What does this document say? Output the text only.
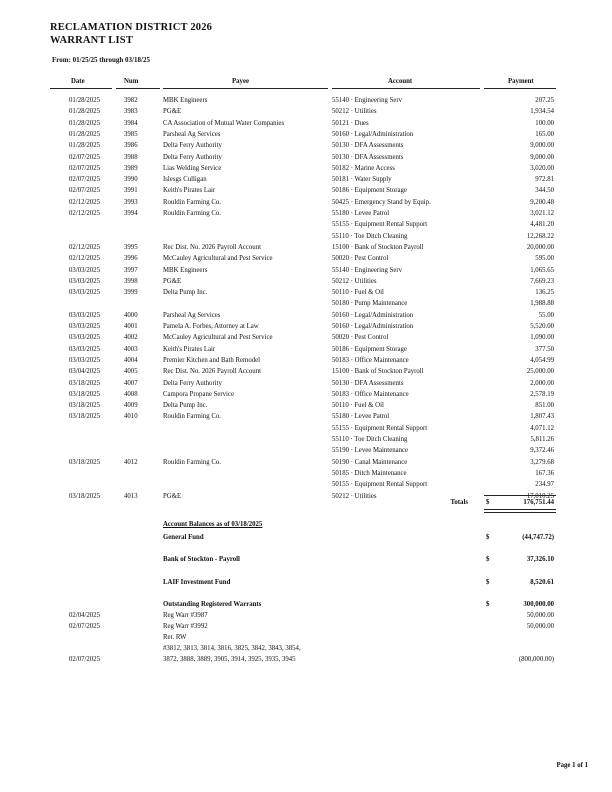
RECLAMATION DISTRICT 2026
WARRANT LIST
From: 01/25/25 through 03/18/25
Date	Num	Payee	Account	Payment
01/28/2025	3982	MBK Engineers	55140 · Engineering Serv	207.25
01/28/2025	3983	PG&E	50212 · Utilities	1,934.54
01/28/2025	3984	CA Association of Mutual Water Companies	50121 · Dues	100.00
01/28/2025	3985	Parsheal Ag Services	50160 · Legal/Administration	165.00
01/28/2025	3986	Delta Ferry Authority	50130 · DFA Assessments	9,000.00
02/07/2025	3988	Delta Ferry Authority	50130 · DFA Assessments	9,000.00
02/07/2025	3989	Lias Welding Service	50182 · Marine Access	3,020.00
02/07/2025	3990	Islesgs Culligan	50181 · Water Supply	972.81
02/07/2025	3991	Keith's Pirates Lair	50186 · Equipment Storage	344.50
02/12/2025	3993	Rouldin Farming Co.	50425 · Emergency Stand by Equip.	9,200.48
02/12/2025	3994	Rouldin Farming Co.	55180 · Levee Patrol	3,021.12
55155 · Equipment Rental Support	4,481.20
55110 · Toe Ditch Cleaning	12,268.22
02/12/2025	3995	Rec Dist. No. 2026 Payroll Account	15100 · Bank of Stockton Payroll	20,000.00
02/12/2025	3996	McCauley Agricultural and Pest Service	50020 · Pest Control	595.00
03/03/2025	3997	MBK Engineers	55140 · Engineering Serv	1,065.65
03/03/2025	3998	PG&E	50212 · Utilities	7,669.23
03/03/2025	3999	Delta Pump Inc.	50110 · Fuel & Oil	136.25
50180 · Pump Maintenance	1,988.88
03/03/2025	4000	Parsheal Ag Services	50160 · Legal/Administration	55.00
03/03/2025	4001	Pamela A. Forbes, Attorney at Law	50160 · Legal/Administration	5,520.00
03/03/2025	4002	McCauley Agricultural and Pest Service	50020 · Pest Control	1,090.00
03/03/2025	4003	Keith's Pirates Lair	50186 · Equipment Storage	377.50
03/03/2025	4004	Premier Kitchen and Bath Remodel	50183 · Office Maintenance	4,054.99
03/04/2025	4005	Rec Dist. No. 2026 Payroll Account	15100 · Bank of Stockton Payroll	25,000.00
03/18/2025	4007	Delta Ferry Authority	50130 · DFA Assessments	2,000.00
03/18/2025	4008	Campora Propane Service	50183 · Office Maintenance	2,578.19
03/18/2025	4009	Delta Pump Inc.	50110 · Fuel & Oil	851.00
03/18/2025	4010	Rouldin Farming Co.	55180 · Levee Patrol	1,807.43
55155 · Equipment Rental Support	4,071.12
55110 · Toe Ditch Cleaning	5,811.26
55190 · Levee Maintenance	9,372.46
03/18/2025	4012	Rouldin Farming Co.	50190 · Canal Maintenance	3,279.68
50185 · Ditch Maintenance	167.36
50155 · Equipment Rental Support	234.97
03/18/2025	4013	PG&E	50212 · Utilities	17,010.25
Totals	$	176,751.44
Account Balances as of 03/18/2025
General Fund	$	(44,747.72)
Bank of Stockton - Payroll	$	37,326.10
LAIF Investment Fund	$	8,520.61
Outstanding Registered Warrants	$	300,000.00
02/04/2025	Reg Warr #3987	50,000.00
02/07/2025	Reg Warr #3992	50,000.00
Ret. RW
#3812, 3813, 3814, 3816, 3825, 3842, 3843, 3854,
02/07/2025	3872, 3888, 3889, 3905, 3914, 3925, 3935, 3945	(800,000.00)
Page 1 of 1
